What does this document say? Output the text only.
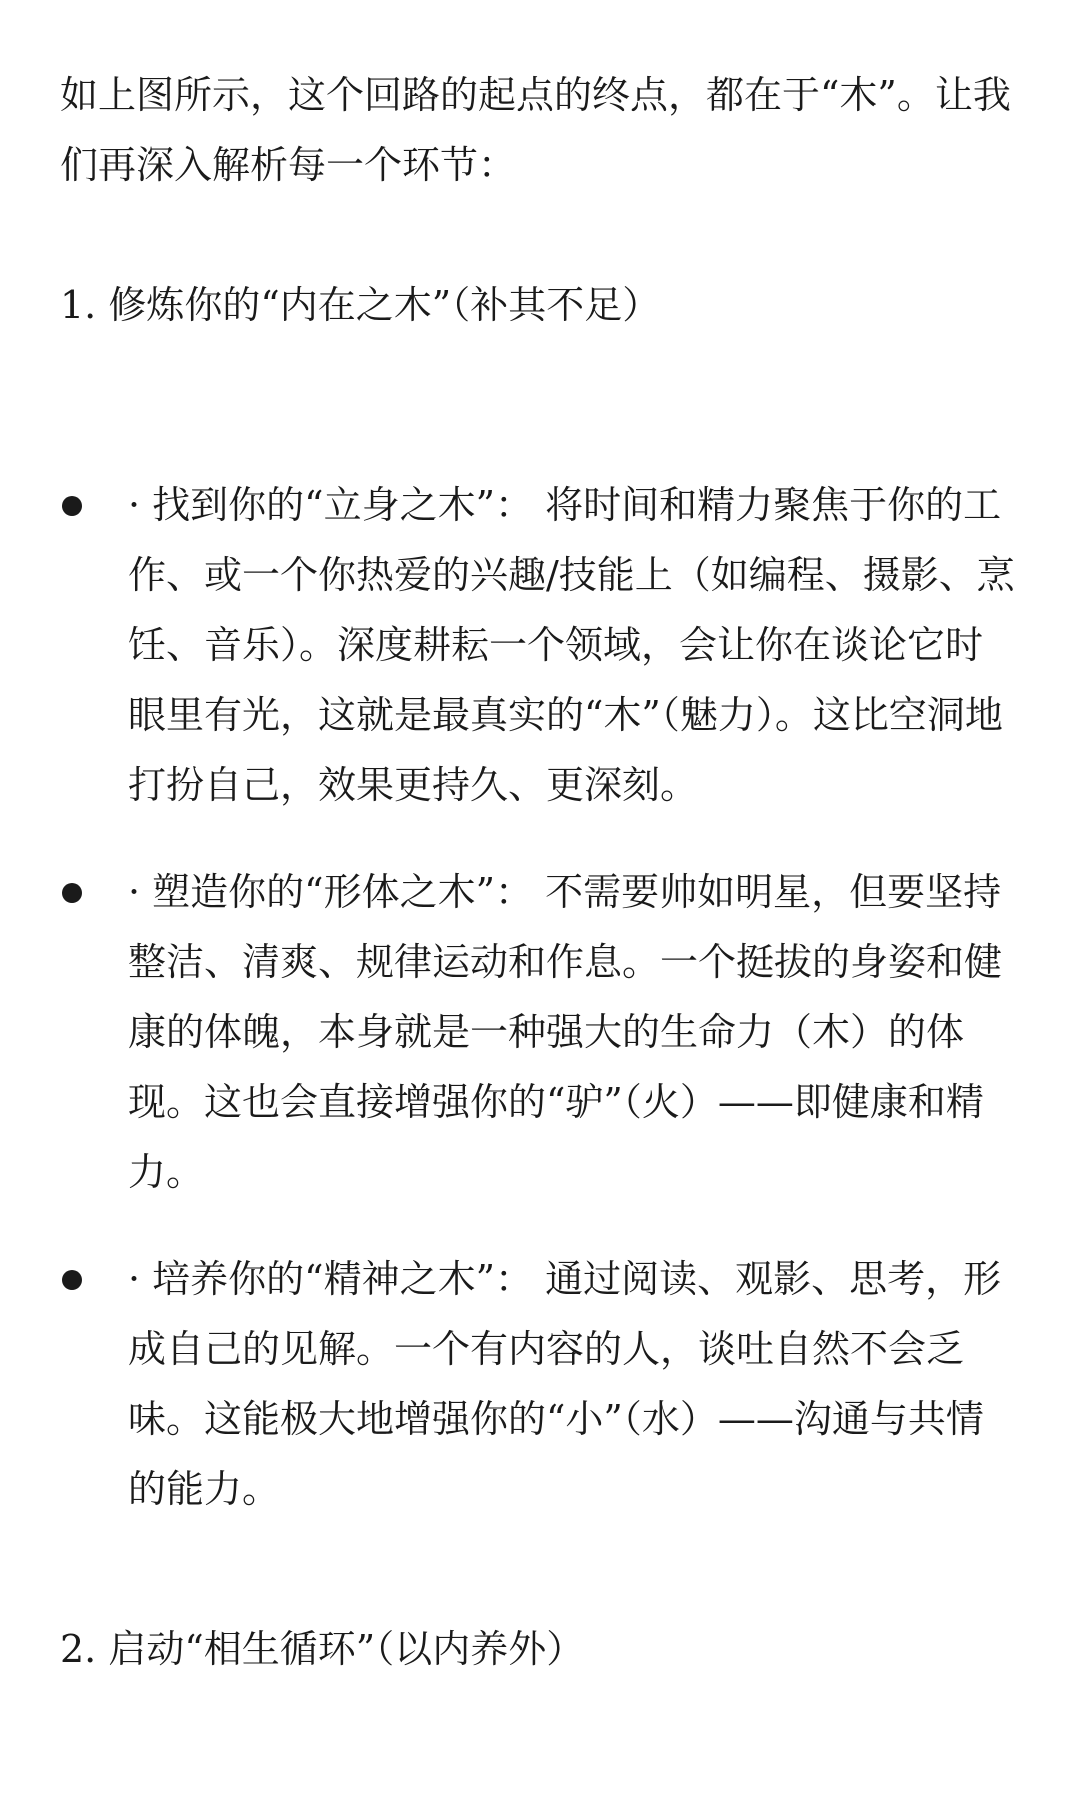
如上图所示，这个回路的起点的终点，都在于“木”。让我们再深入解析每一个环节：

1. 修炼你的“内在之木”（补其不足）

· 找到你的“立身之木”： 将时间和精力聚焦于你的工作、或一个你热爱的兴趣/技能上（如编程、摄影、烹饪、音乐）。深度耕耘一个领域，会让你在谈论它时眼里有光，这就是最真实的“木”（魅力）。这比空洞地打扮自己，效果更持久、更深刻。
· 塑造你的“形体之木”： 不需要帅如明星，但要坚持整洁、清爽、规律运动和作息。一个挺拔的身姿和健康的体魄，本身就是一种强大的生命力（木）的体现。这也会直接增强你的“驴”（火）——即健康和精力。
· 培养你的“精神之木”： 通过阅读、观影、思考，形成自己的见解。一个有内容的人，谈吐自然不会乏味。这能极大地增强你的“小”（水）——沟通与共情的能力。

2. 启动“相生循环”（以内养外）
